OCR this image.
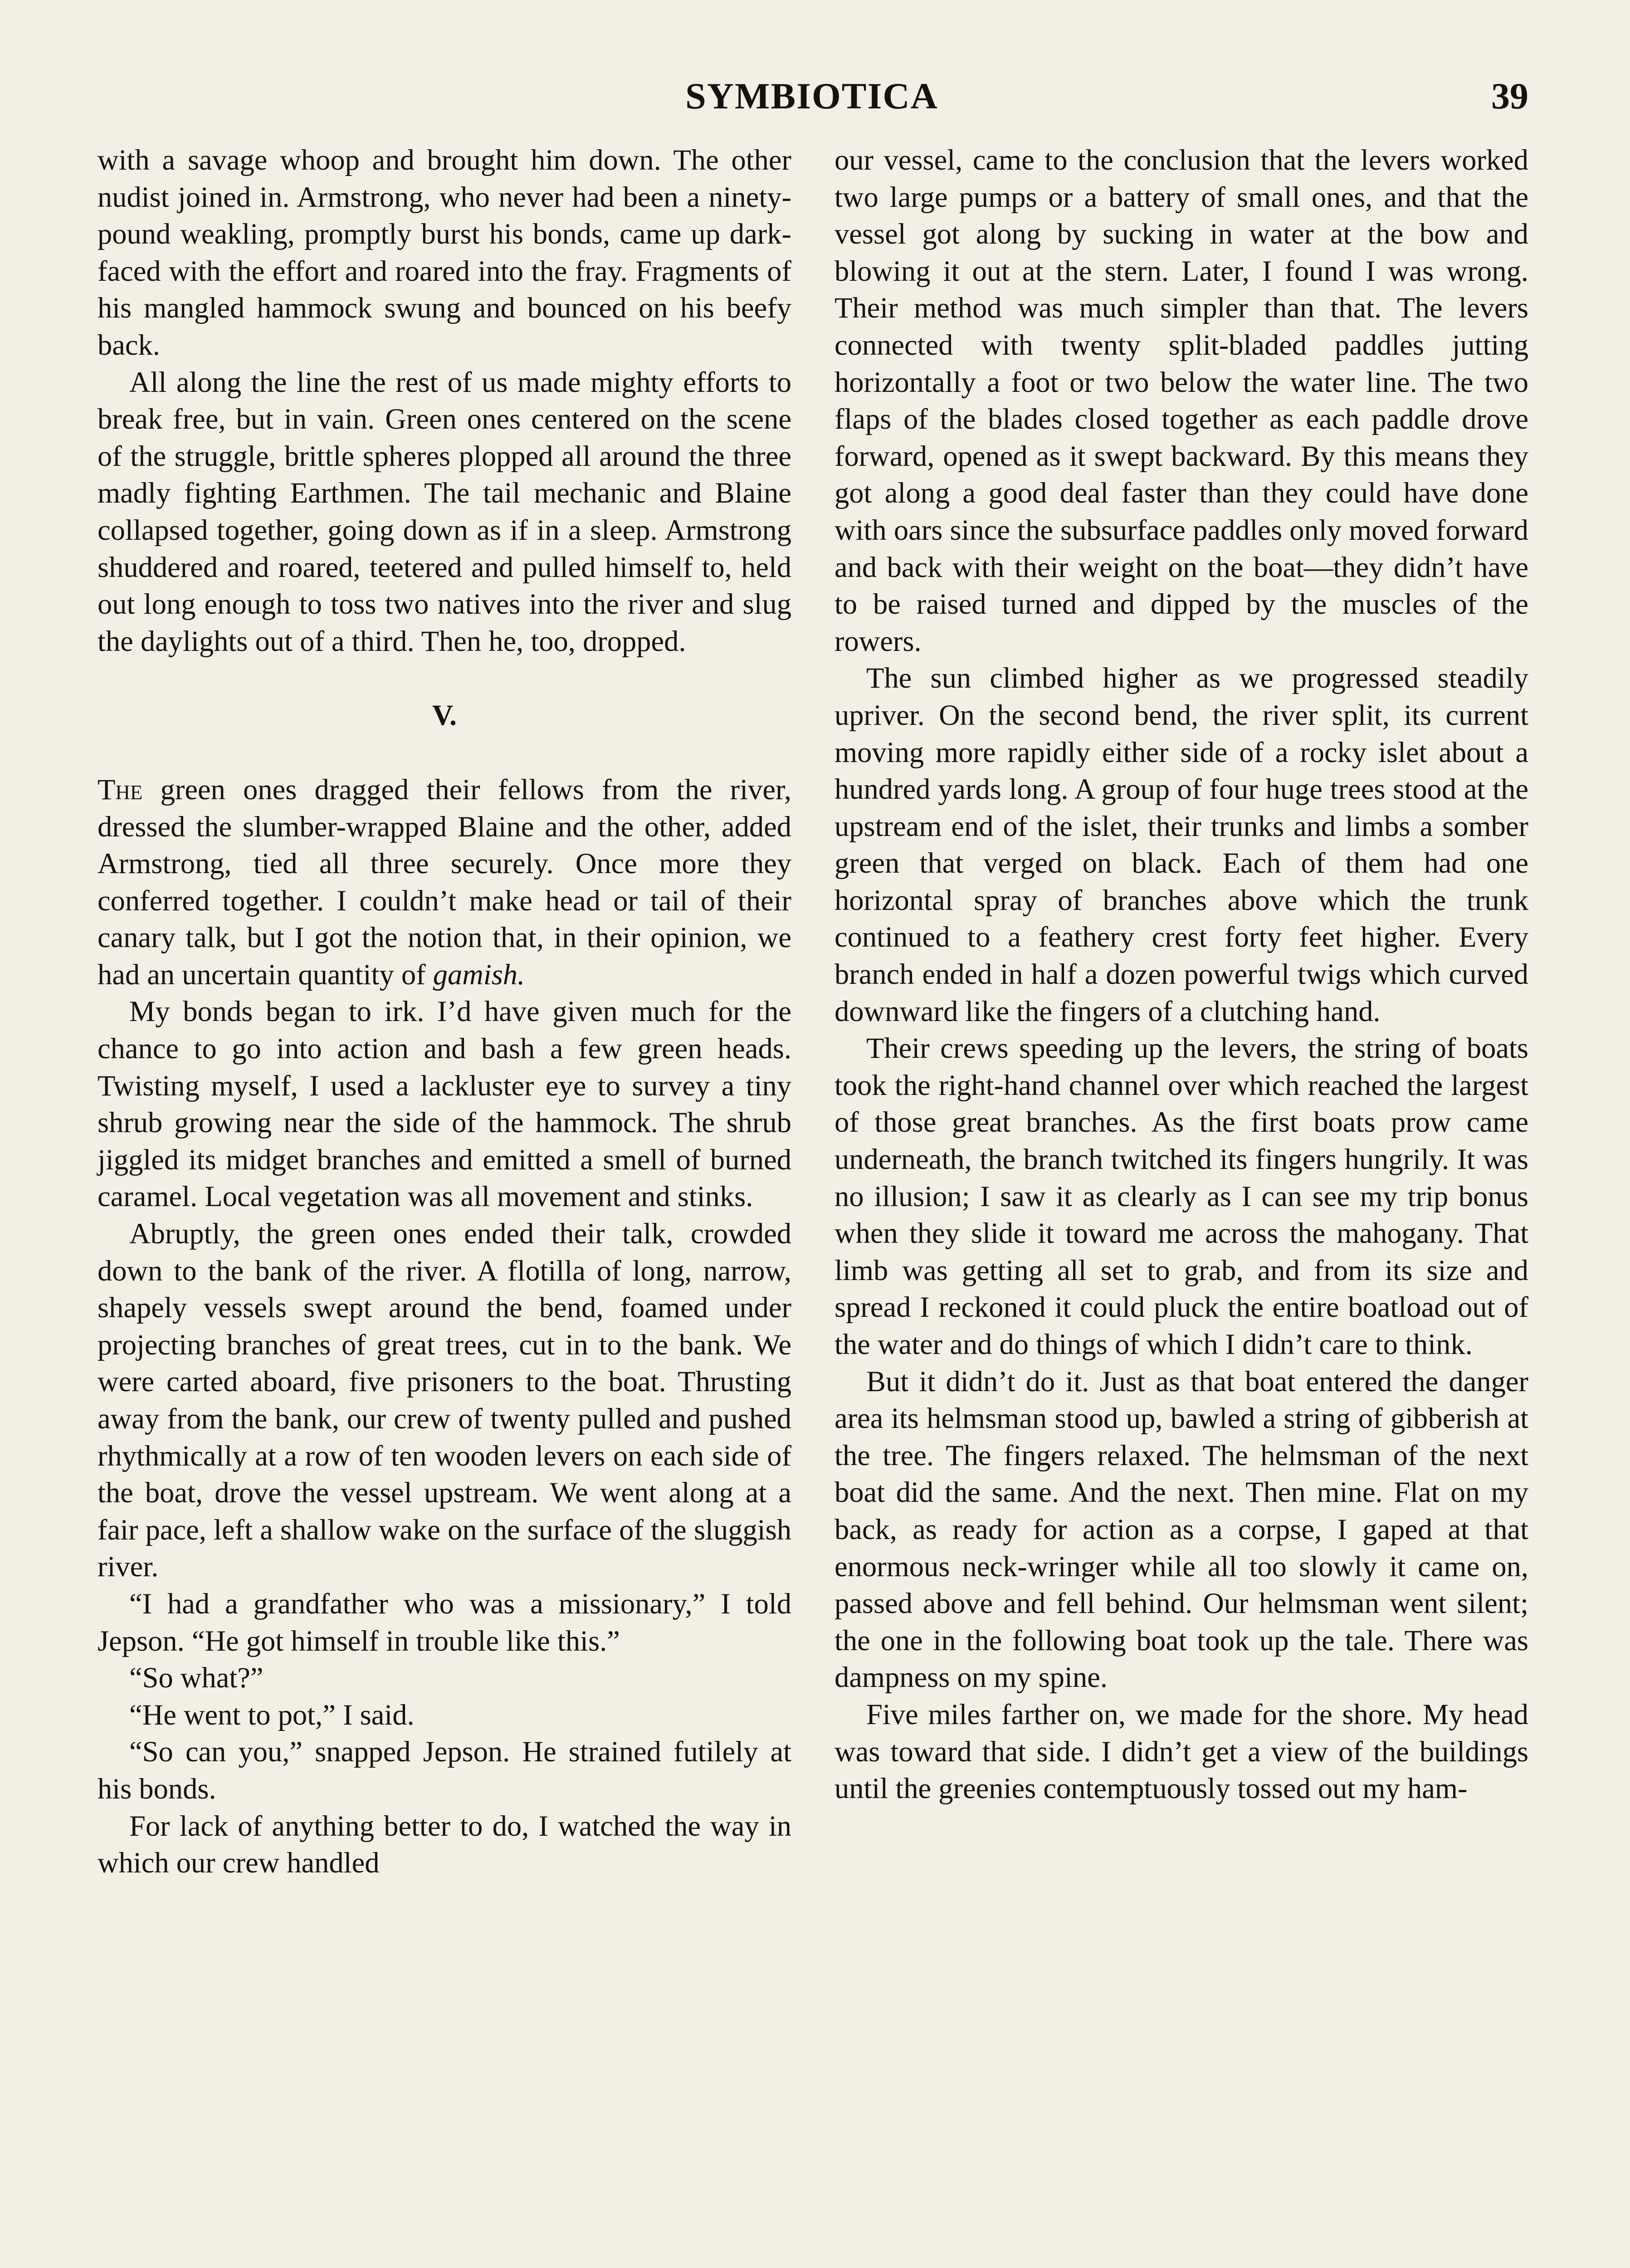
SYMBIOTICA	39

with a savage whoop and brought him down. The other nudist joined in. Armstrong, who never had been a ninety-pound weakling, promptly burst his bonds, came up dark-faced with the effort and roared into the fray. Fragments of his mangled hammock swung and bounced on his beefy back.

All along the line the rest of us made mighty efforts to break free, but in vain. Green ones centered on the scene of the struggle, brittle spheres plopped all around the three madly fighting Earthmen. The tail mechanic and Blaine collapsed together, going down as if in a sleep. Armstrong shuddered and roared, teetered and pulled himself to, held out long enough to toss two natives into the river and slug the daylights out of a third. Then he, too, dropped.

V.

The green ones dragged their fellows from the river, dressed the slumber-wrapped Blaine and the other, added Armstrong, tied all three securely. Once more they conferred together. I couldn’t make head or tail of their canary talk, but I got the notion that, in their opinion, we had an uncertain quantity of gamish.

My bonds began to irk. I’d have given much for the chance to go into action and bash a few green heads. Twisting myself, I used a lackluster eye to survey a tiny shrub growing near the side of the hammock. The shrub jiggled its midget branches and emitted a smell of burned caramel. Local vegetation was all movement and stinks.

Abruptly, the green ones ended their talk, crowded down to the bank of the river. A flotilla of long, narrow, shapely vessels swept around the bend, foamed under projecting branches of great trees, cut in to the bank. We were carted aboard, five prisoners to the boat. Thrusting away from the bank, our crew of twenty pulled and pushed rhythmically at a row of ten wooden levers on each side of the boat, drove the vessel upstream. We went along at a fair pace, left a shallow wake on the surface of the sluggish river.

“I had a grandfather who was a missionary,” I told Jepson. “He got himself in trouble like this.”

“So what?”

“He went to pot,” I said.

“So can you,” snapped Jepson. He strained futilely at his bonds.

For lack of anything better to do, I watched the way in which our crew handled

our vessel, came to the conclusion that the levers worked two large pumps or a battery of small ones, and that the vessel got along by sucking in water at the bow and blowing it out at the stern. Later, I found I was wrong. Their method was much simpler than that. The levers connected with twenty split-bladed paddles jutting horizontally a foot or two below the water line. The two flaps of the blades closed together as each paddle drove forward, opened as it swept backward. By this means they got along a good deal faster than they could have done with oars since the subsurface paddles only moved forward and back with their weight on the boat—they didn’t have to be raised turned and dipped by the muscles of the rowers.

The sun climbed higher as we progressed steadily upriver. On the second bend, the river split, its current moving more rapidly either side of a rocky islet about a hundred yards long. A group of four huge trees stood at the upstream end of the islet, their trunks and limbs a somber green that verged on black. Each of them had one horizontal spray of branches above which the trunk continued to a feathery crest forty feet higher. Every branch ended in half a dozen powerful twigs which curved downward like the fingers of a clutching hand.

Their crews speeding up the levers, the string of boats took the right-hand channel over which reached the largest of those great branches. As the first boats prow came underneath, the branch twitched its fingers hungrily. It was no illusion; I saw it as clearly as I can see my trip bonus when they slide it toward me across the mahogany. That limb was getting all set to grab, and from its size and spread I reckoned it could pluck the entire boatload out of the water and do things of which I didn’t care to think.

But it didn’t do it. Just as that boat entered the danger area its helmsman stood up, bawled a string of gibberish at the tree. The fingers relaxed. The helmsman of the next boat did the same. And the next. Then mine. Flat on my back, as ready for action as a corpse, I gaped at that enormous neck-wringer while all too slowly it came on, passed above and fell behind. Our helmsman went silent; the one in the following boat took up the tale. There was dampness on my spine.

Five miles farther on, we made for the shore. My head was toward that side. I didn’t get a view of the buildings until the greenies contemptuously tossed out my ham-
